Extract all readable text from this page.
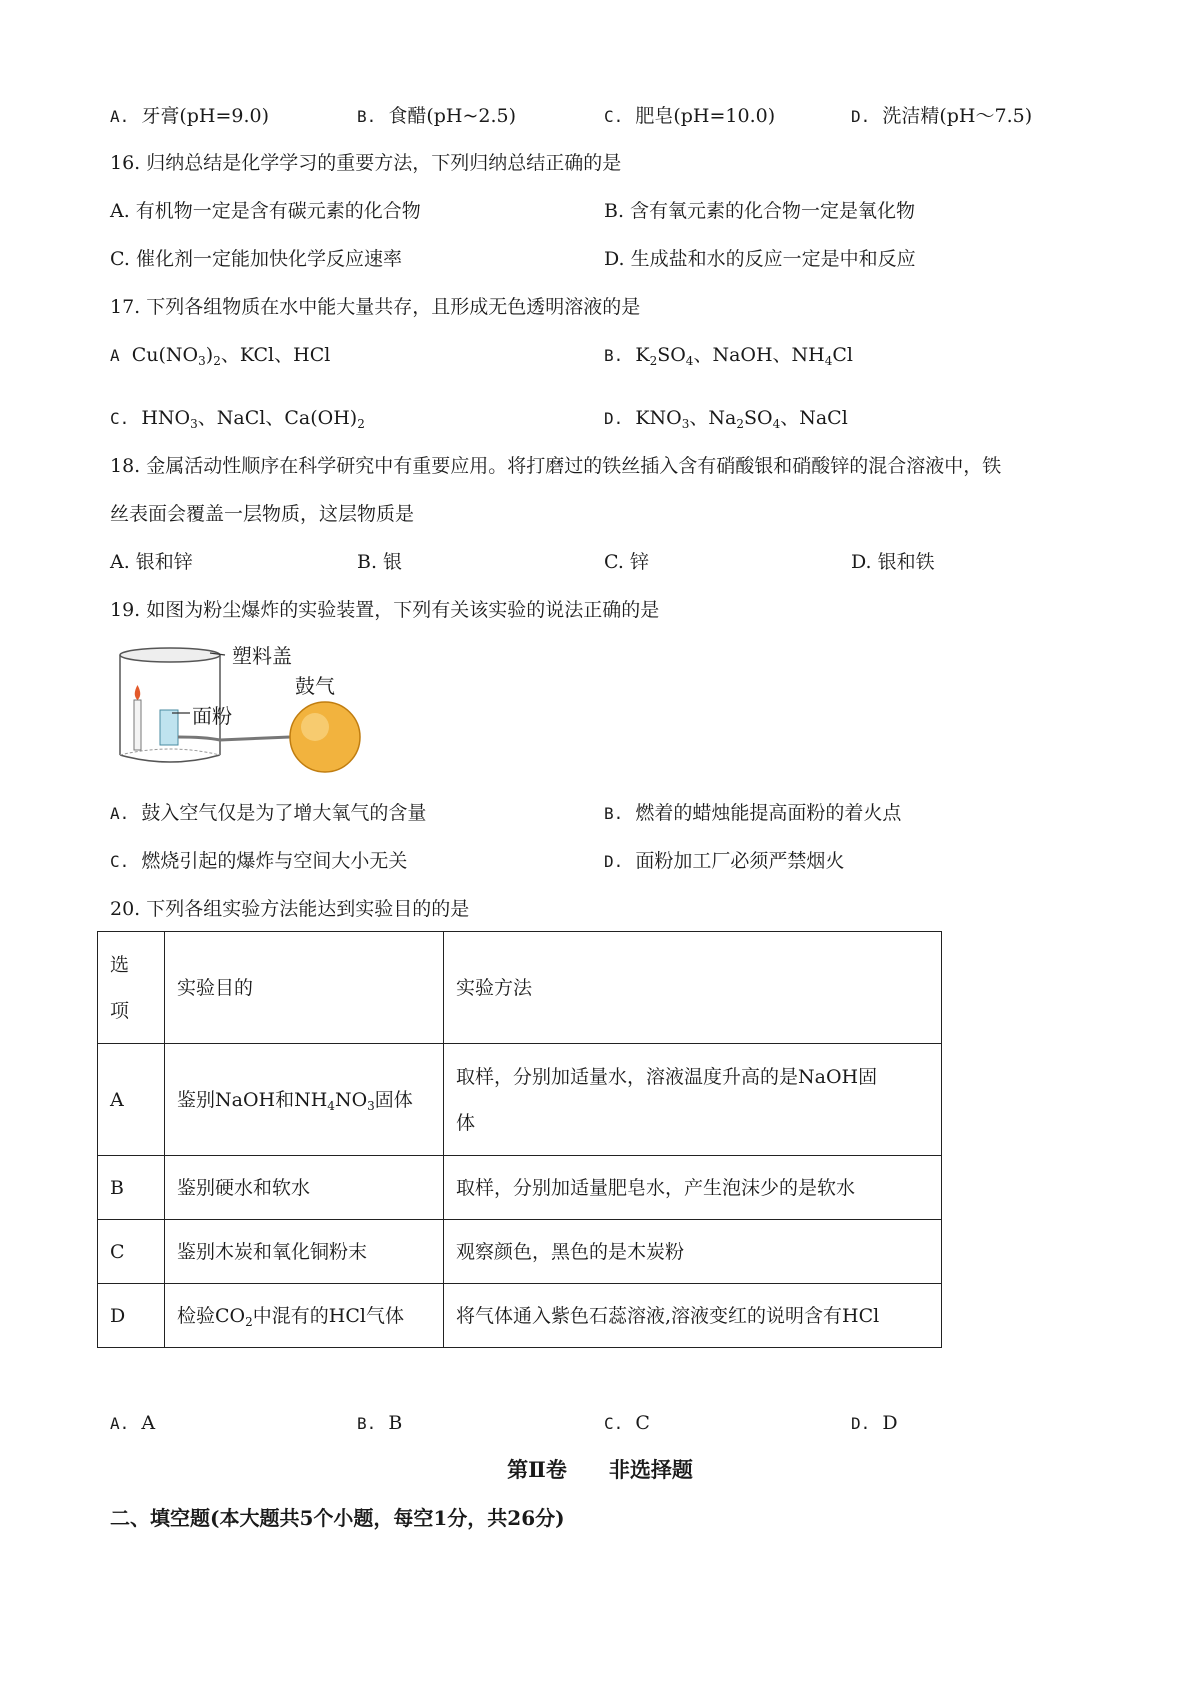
A. 牙膏(pH=9.0)	B. 食醋(pH~2.5)	C. 肥皂(pH=10.0)	D. 洗洁精(pH～7.5)
16. 归纳总结是化学学习的重要方法，下列归纳总结正确的是
A. 有机物一定是含有碳元素的化合物	B. 含有氧元素的化合物一定是氧化物
C. 催化剂一定能加快化学反应速率	D. 生成盐和水的反应一定是中和反应
17. 下列各组物质在水中能大量共存，且形成无色透明溶液的是
A $Cu(NO_3)_2$、KCl、HCl	B. $K_2SO_4$、NaOH、$NH_4Cl$
C. $HNO_3$、NaCl、$Ca(OH)_2$	D. $KNO_3$、$Na_2SO_4$、NaCl
18. 金属活动性顺序在科学研究中有重要应用。将打磨过的铁丝插入含有硝酸银和硝酸锌的混合溶液中，铁
丝表面会覆盖一层物质，这层物质是
A. 银和锌	B. 银	C. 锌	D. 银和铁
19. 如图为粉尘爆炸的实验装置，下列有关该实验的说法正确的是
塑料盖
面粉
鼓气
A. 鼓入空气仅是为了增大氧气的含量	B. 燃着的蜡烛能提高面粉的着火点
C. 燃烧引起的爆炸与空间大小无关	D. 面粉加工厂必须严禁烟火
20. 下列各组实验方法能达到实验目的的是
选
项	实验目的	实验方法
A	鉴别NaOH和$NH_4NO_3$固体	取样，分别加适量水，溶液温度升高的是NaOH固
体

B	鉴别硬水和软水	取样，分别加适量肥皂水，产生泡沫少的是软水
C	鉴别木炭和氧化铜粉末	观察颜色，黑色的是木炭粉
D	检验$CO_2$中混有的HCl气体	将气体通入紫色石蕊溶液,溶液变红的说明含有HCl
A. A	B. B	C. C	D. D
第Ⅱ卷　　非选择题
二、填空题(本大题共5个小题，每空1分，共26分)
